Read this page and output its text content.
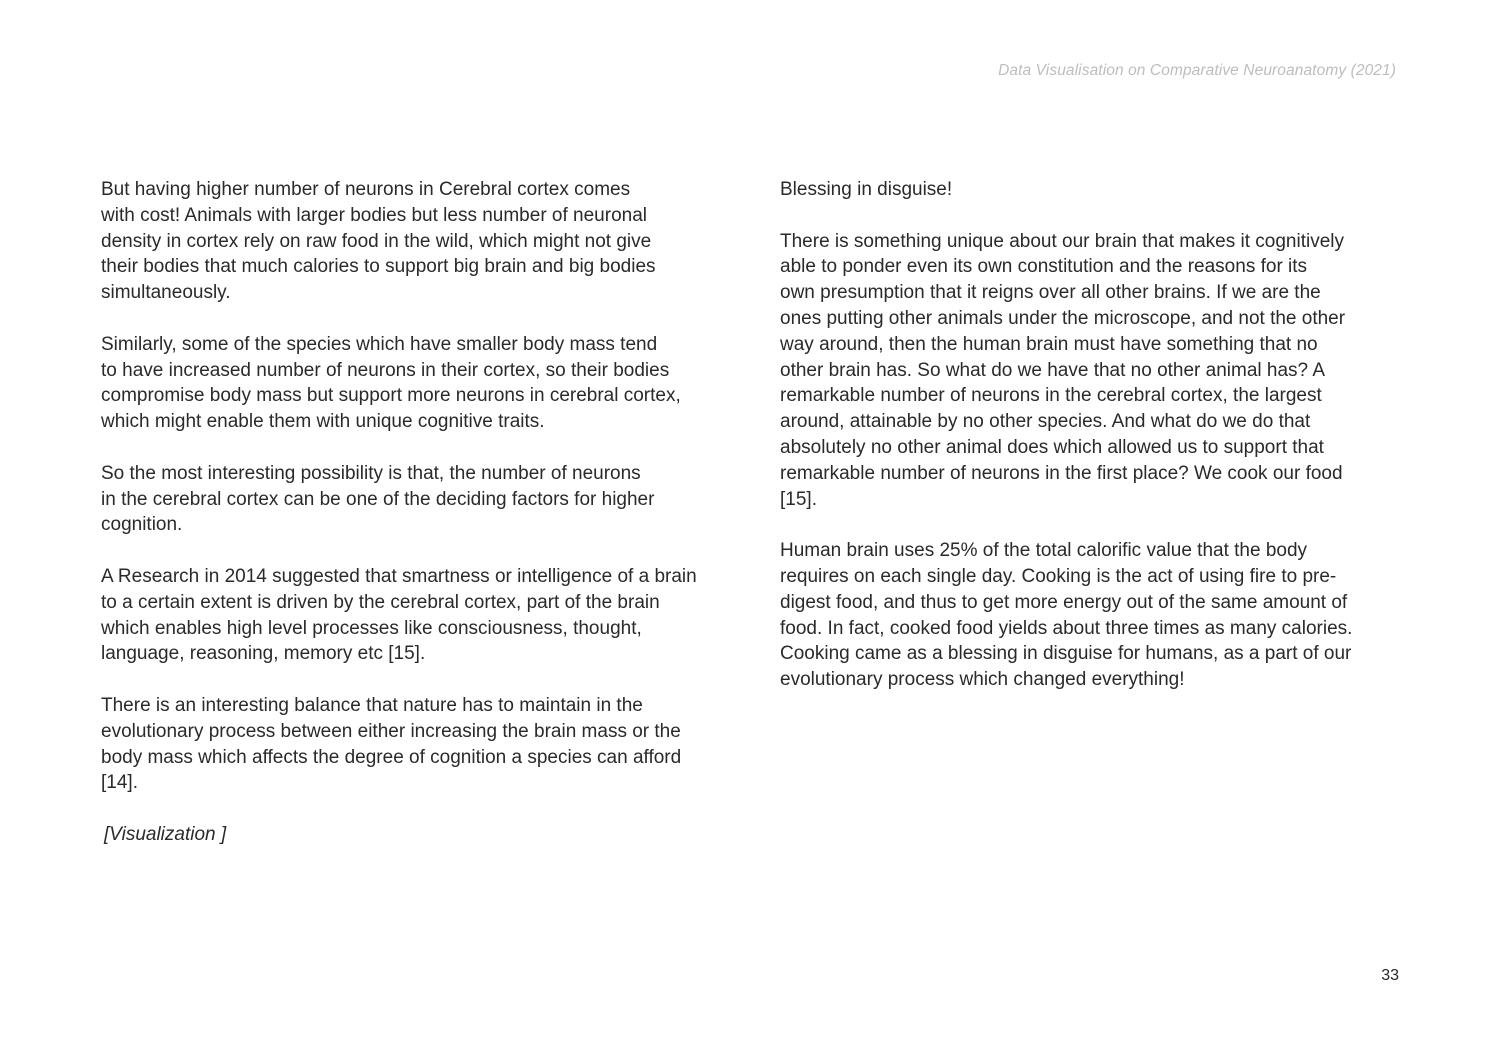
Data Visualisation on Comparative Neuroanatomy (2021)

But having higher number of neurons in Cerebral cortex comes
with cost! Animals with larger bodies but less number of neuronal
density in cortex rely on raw food in the wild, which might not give
their bodies that much calories to support big brain and big bodies
simultaneously.

Similarly, some of the species which have smaller body mass tend
to have increased number of neurons in their cortex, so their bodies
compromise body mass but support more neurons in cerebral cortex,
which might enable them with unique cognitive traits.

So the most interesting possibility is that, the number of neurons
in the cerebral cortex can be one of the deciding factors for higher
cognition.

A Research in 2014 suggested that smartness or intelligence of a brain
to a certain extent is driven by the cerebral cortex, part of the brain
which enables high level processes like consciousness, thought,
language, reasoning, memory etc [15].

There is an interesting balance that nature has to maintain in the
evolutionary process between either increasing the brain mass or the
body mass which affects the degree of cognition a species can afford
[14].

[Visualization ]

Blessing in disguise!

There is something unique about our brain that makes it cognitively
able to ponder even its own constitution and the reasons for its
own presumption that it reigns over all other brains. If we are the
ones putting other animals under the microscope, and not the other
way around, then the human brain must have something that no
other brain has. So what do we have that no other animal has? A
remarkable number of neurons in the cerebral cortex, the largest
around, attainable by no other species. And what do we do that
absolutely no other animal does which allowed us to support that
remarkable number of neurons in the first place? We cook our food
[15].

Human brain uses 25% of the total calorific value that the body
requires on each single day. Cooking is the act of using fire to pre-
digest food, and thus to get more energy out of the same amount of
food. In fact, cooked food yields about three times as many calories.
Cooking came as a blessing in disguise for humans, as a part of our
evolutionary process which changed everything!

33
